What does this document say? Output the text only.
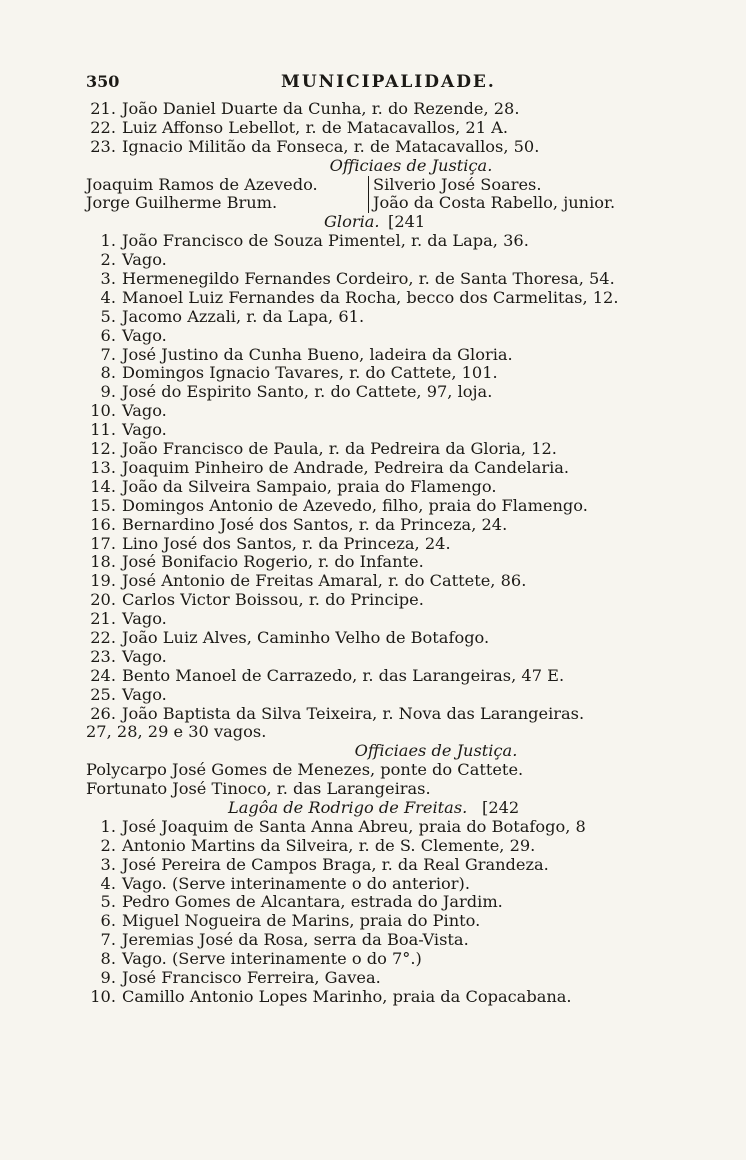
350	MUNICIPALIDADE.
21. João Daniel Duarte da Cunha, r. do Rezende, 28.
22. Luiz Affonso Lebellot, r. de Matacavallos, 21 A.
23. Ignacio Militão da Fonseca, r. de Matacavallos, 50.
Officiaes de Justiça.
Joaquim Ramos de Azevedo.	Silverio José Soares.
Jorge Guilherme Brum.	João da Costa Rabello, junior.
Gloria. [241
1. João Francisco de Souza Pimentel, r. da Lapa, 36.
2. Vago.
3. Hermenegildo Fernandes Cordeiro, r. de Santa Thoresa, 54.
4. Manoel Luiz Fernandes da Rocha, becco dos Carmelitas, 12.
5. Jacomo Azzali, r. da Lapa, 61.
6. Vago.
7. José Justino da Cunha Bueno, ladeira da Gloria.
8. Domingos Ignacio Tavares, r. do Cattete, 101.
9. José do Espirito Santo, r. do Cattete, 97, loja.
10. Vago.
11. Vago.
12. João Francisco de Paula, r. da Pedreira da Gloria, 12.
13. Joaquim Pinheiro de Andrade, Pedreira da Candelaria.
14. João da Silveira Sampaio, praia do Flamengo.
15. Domingos Antonio de Azevedo, filho, praia do Flamengo.
16. Bernardino José dos Santos, r. da Princeza, 24.
17. Lino José dos Santos, r. da Princeza, 24.
18. José Bonifacio Rogerio, r. do Infante.
19. José Antonio de Freitas Amaral, r. do Cattete, 86.
20. Carlos Victor Boissou, r. do Principe.
21. Vago.
22. João Luiz Alves, Caminho Velho de Botafogo.
23. Vago.
24. Bento Manoel de Carrazedo, r. das Larangeiras, 47 E.
25. Vago.
26. João Baptista da Silva Teixeira, r. Nova das Larangeiras.
27, 28, 29 e 30 vagos.
Officiaes de Justiça.
Polycarpo José Gomes de Menezes, ponte do Cattete.
Fortunato José Tinoco, r. das Larangeiras.
Lagôa de Rodrigo de Freitas. [242
1. José Joaquim de Santa Anna Abreu, praia do Botafogo, 8
2. Antonio Martins da Silveira, r. de S. Clemente, 29.
3. José Pereira de Campos Braga, r. da Real Grandeza.
4. Vago. (Serve interinamente o do anterior).
5. Pedro Gomes de Alcantara, estrada do Jardim.
6. Miguel Nogueira de Marins, praia do Pinto.
7. Jeremias José da Rosa, serra da Boa-Vista.
8. Vago. (Serve interinamente o do 7°.)
9. José Francisco Ferreira, Gavea.
10. Camillo Antonio Lopes Marinho, praia da Copacabana.
